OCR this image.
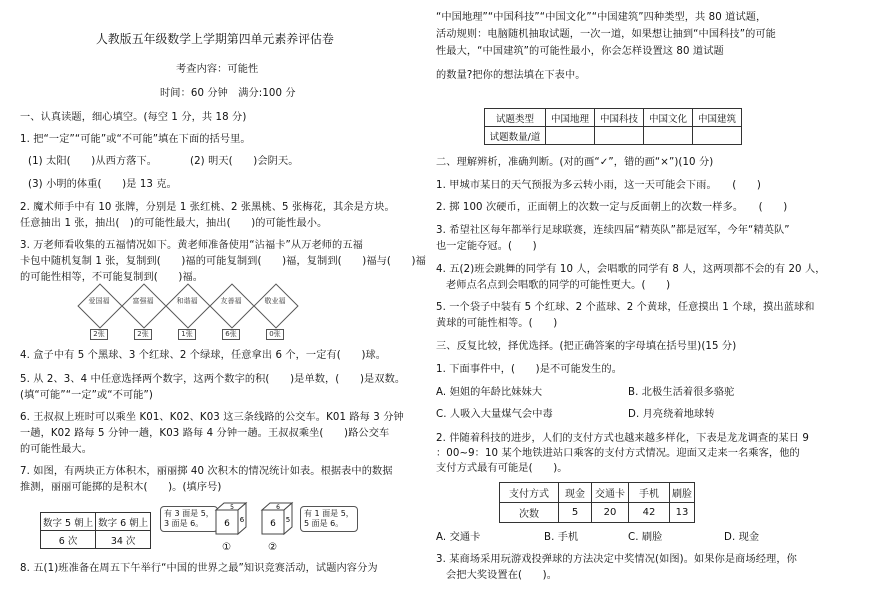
人教版五年级数学上学期第四单元素养评估卷
考查内容：可能性
时间：60 分钟　满分:100 分
一、认真读题，细心填空。(每空 1 分，共 18 分)
1. 把“一定”“可能”或“不可能”填在下面的括号里。
(1) 太阳(　　)从西方落下。	(2) 明天(　　)会阴天。
(3) 小明的体重(　　)是 13 克。
2. 魔术师手中有 10 张牌，分别是 1 张红桃、2 张黑桃、5 张梅花，其余是方块。
任意抽出 1 张，抽出(　)的可能性最大，抽出(　　)的可能性最小。
3. 万老师看收集的五福情况如下。黄老师准备使用“沾福卡”从万老师的五福
卡包中随机复制 1 张，复制到(　　)福的可能复制到(　　)福，复制到(　　)福与(　　)福
的可能性相等，不可能复制到(　　)福。
爱国福
2张
富强福
2张
和谐福
1张
友善福
6张
敬业福
0张
4. 盒子中有 5 个黑球、3 个红球、2 个绿球，任意拿出 6 个，一定有(　　)球。
5. 从 2、3、4 中任意选择两个数字，这两个数字的积(　　)是单数，(　　)是双数。
(填“可能”“一定”或“不可能”)
6. 王叔叔上班时可以乘坐 K01、K02、K03 这三条线路的公交车。K01 路每 3 分钟
一趟，K02 路每 5 分钟一趟，K03 路每 4 分钟一趟。王叔叔乘坐(　　)路公交车
的可能性最大。
7. 如图，有两块正方体积木，丽丽掷 40 次积木的情况统计如表。根据表中的数据
推测，丽丽可能掷的是积木(　　)。(填序号)
数字 5 朝上	数字 6 朝上
6 次	34 次
有 3 面是 5，
3 面是 6。	6
5
6
①
6
6
5
有 1 面是 5，
5 面是 6。
②
8. 五(1)班准备在周五下午举行“中国的世界之最”知识竞赛活动，试题内容分为
“中国地理”“中国科技”“中国文化”“中国建筑”四种类型，共 80 道试题，
活动规则：电脑随机抽取试题，一次一道，如果想让抽到“中国科技”的可能
性最大，“中国建筑”的可能性最小，你会怎样设置这 80 道试题
的数量?把你的想法填在下表中。
试题类型	中国地理	中国科技	中国文化	中国建筑
试题数量/道				
二、理解辨析，准确判断。(对的画“✓”，错的画“×”)(10 分)
1. 甲城市某日的天气预报为多云转小雨，这一天可能会下雨。　　(　　)
2. 掷 100 次硬币，正面朝上的次数一定与反面朝上的次数一样多。　　(　　)
3. 希望社区每年都举行足球联赛，连续四届“精英队”都是冠军，今年“精英队”
也一定能夺冠。(　　)
4. 五(2)班会跳舞的同学有 10 人，会唱歌的同学有 8 人，这两项都不会的有 20 人，
老师点名点到会唱歌的同学的可能性更大。(　　)
5. 一个袋子中装有 5 个红球、2 个蓝球、2 个黄球，任意摸出 1 个球，摸出蓝球和
黄球的可能性相等。(　　)
三、反复比较，择优选择。(把正确答案的字母填在括号里)(15 分)
1. 下面事件中，(　　)是不可能发生的。
A. 妲姐的年龄比妹妹大	B. 北极生活着很多骆驼
C. 人吸入大量煤气会中毒	D. 月亮绕着地球转
2. 伴随着科技的进步，人们的支付方式也越来越多样化，下表是龙龙调查的某日 9
：00~9：10 某个地铁进站口乘客的支付方式情况。迎面又走来一名乘客，他的
支付方式最有可能是(　　)。
支付方式	现金	交通卡	手机	刷脸
次数	5	20	42	13
A. 交通卡	B. 手机	C. 刷脸	D. 现金
3. 某商场采用玩游戏投弹球的方法决定中奖情况(如图)。如果你是商场经理，你
会把大奖设置在(　　)。
